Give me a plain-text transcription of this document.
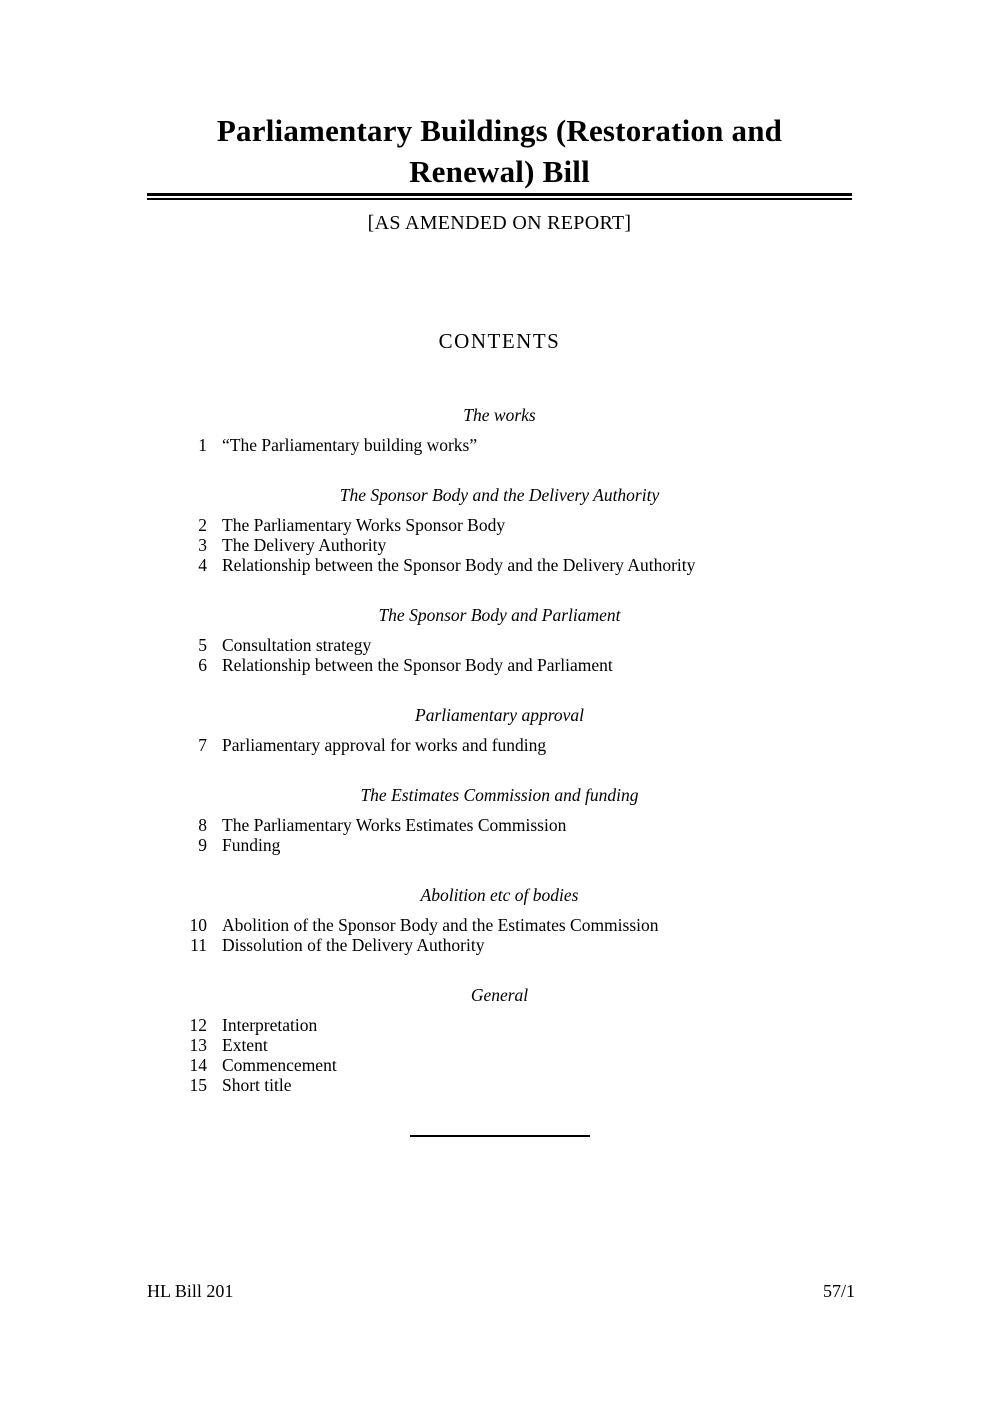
Parliamentary Buildings (Restoration and
Renewal) Bill
[AS AMENDED ON REPORT]
CONTENTS
The works
1 “The Parliamentary building works”
The Sponsor Body and the Delivery Authority
2 The Parliamentary Works Sponsor Body
3 The Delivery Authority
4 Relationship between the Sponsor Body and the Delivery Authority
The Sponsor Body and Parliament
5 Consultation strategy
6 Relationship between the Sponsor Body and Parliament
Parliamentary approval
7 Parliamentary approval for works and funding
The Estimates Commission and funding
8 The Parliamentary Works Estimates Commission
9 Funding
Abolition etc of bodies
10 Abolition of the Sponsor Body and the Estimates Commission
11 Dissolution of the Delivery Authority
General
12 Interpretation
13 Extent
14 Commencement
15 Short title
HL Bill 201	57/1
